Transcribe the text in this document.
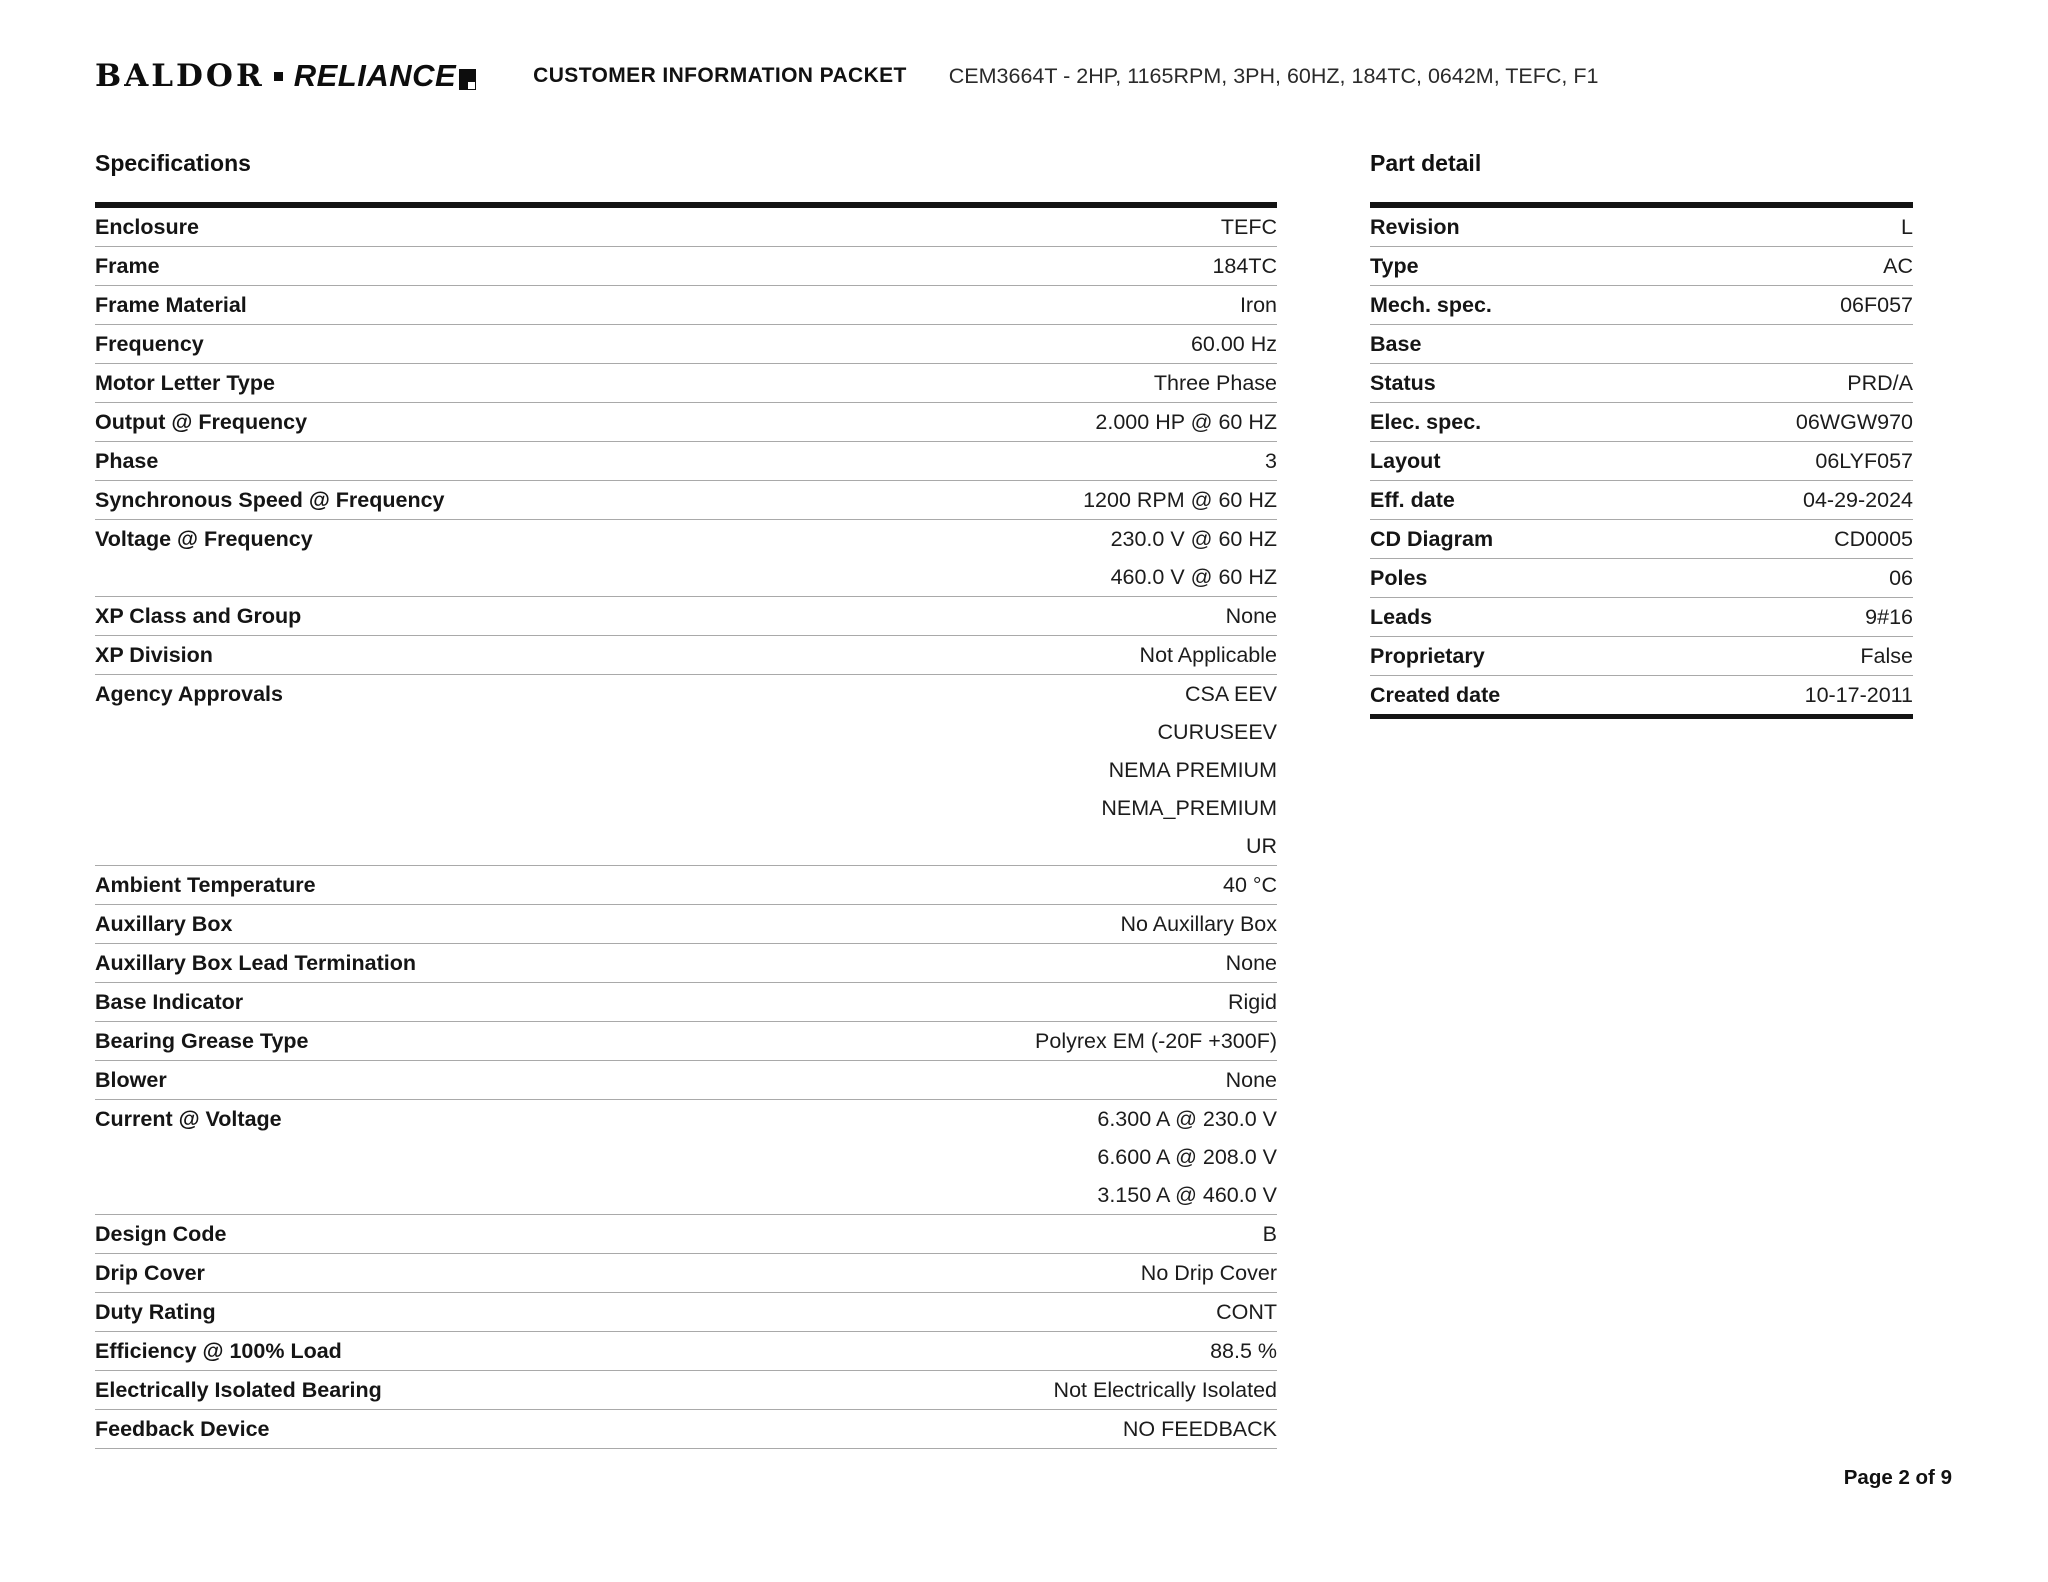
BALDOR RELIANCE	CUSTOMER INFORMATION PACKET CEM3664T - 2HP, 1165RPM, 3PH, 60HZ, 184TC, 0642M, TEFC, F1
Specifications
Enclosure	TEFC
Frame	184TC
Frame Material	Iron
Frequency	60.00 Hz
Motor Letter Type	Three Phase
Output @ Frequency	2.000 HP @ 60 HZ
Phase	3
Synchronous Speed @ Frequency	1200 RPM @ 60 HZ
Voltage @ Frequency	230.0 V @ 60 HZ
460.0 V @ 60 HZ
XP Class and Group	None
XP Division	Not Applicable
Agency Approvals	CSA EEV
CURUSEEV
NEMA PREMIUM
NEMA_PREMIUM
UR
Ambient Temperature	40 °C
Auxillary Box	No Auxillary Box
Auxillary Box Lead Termination	None
Base Indicator	Rigid
Bearing Grease Type	Polyrex EM (-20F +300F)
Blower	None
Current @ Voltage	6.300 A @ 230.0 V
6.600 A @ 208.0 V
3.150 A @ 460.0 V
Design Code	B
Drip Cover	No Drip Cover
Duty Rating	CONT
Efficiency @ 100% Load	88.5 %
Electrically Isolated Bearing	Not Electrically Isolated
Feedback Device	NO FEEDBACK
Part detail
Revision	L
Type	AC
Mech. spec.	06F057
Base
Status	PRD/A
Elec. spec.	06WGW970
Layout	06LYF057
Eff. date	04-29-2024
CD Diagram	CD0005
Poles	06
Leads	9#16
Proprietary	False
Created date	10-17-2011
Page 2 of 9
